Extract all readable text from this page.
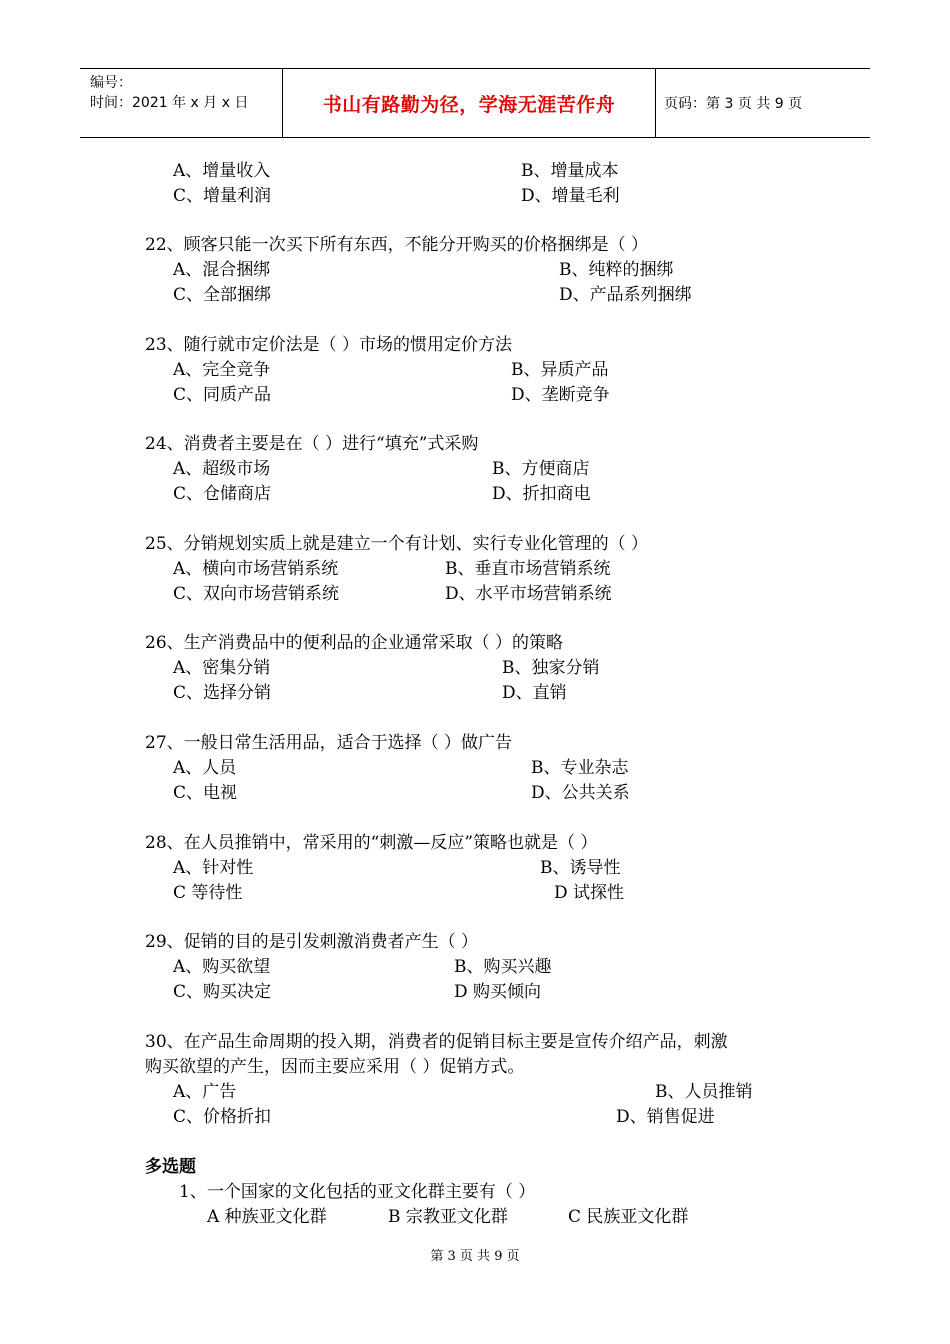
编号：
时间：2021 年 x 月 x 日	书山有路勤为径，学海无涯苦作舟	页码：第 3 页 共 9 页
A、增量收入	B、增量成本
C、增量利润	D、增量毛利
22、顾客只能一次买下所有东西，不能分开购买的价格捆绑是（ ）
A、混合捆绑	B、纯粹的捆绑
C、全部捆绑	D、产品系列捆绑
23、随行就市定价法是（ ）市场的惯用定价方法
A、完全竞争	B、异质产品
C、同质产品	D、垄断竞争
24、消费者主要是在（ ）进行“填充”式采购
A、超级市场	B、方便商店
C、仓储商店	D、折扣商电
25、分销规划实质上就是建立一个有计划、实行专业化管理的（ ）
A、横向市场营销系统	B、垂直市场营销系统
C、双向市场营销系统	D、水平市场营销系统
26、生产消费品中的便利品的企业通常采取（ ）的策略
A、密集分销	B、独家分销
C、选择分销	D、直销
27、一般日常生活用品，适合于选择（ ）做广告
A、人员	B、专业杂志
C、电视	D、公共关系
28、在人员推销中，常采用的“刺激—反应”策略也就是（ ）
A、针对性	B、诱导性
C 等待性	D 试探性
29、促销的目的是引发刺激消费者产生（ ）
A、购买欲望	B、购买兴趣
C、购买决定	D 购买倾向
30、在产品生命周期的投入期，消费者的促销目标主要是宣传介绍产品，刺激
购买欲望的产生，因而主要应采用（ ）促销方式。
A、广告	B、人员推销
C、价格折扣	D、销售促进
多选题
1、一个国家的文化包括的亚文化群主要有（ ）
A 种族亚文化群	B 宗教亚文化群	C 民族亚文化群
第 3 页 共 9 页
